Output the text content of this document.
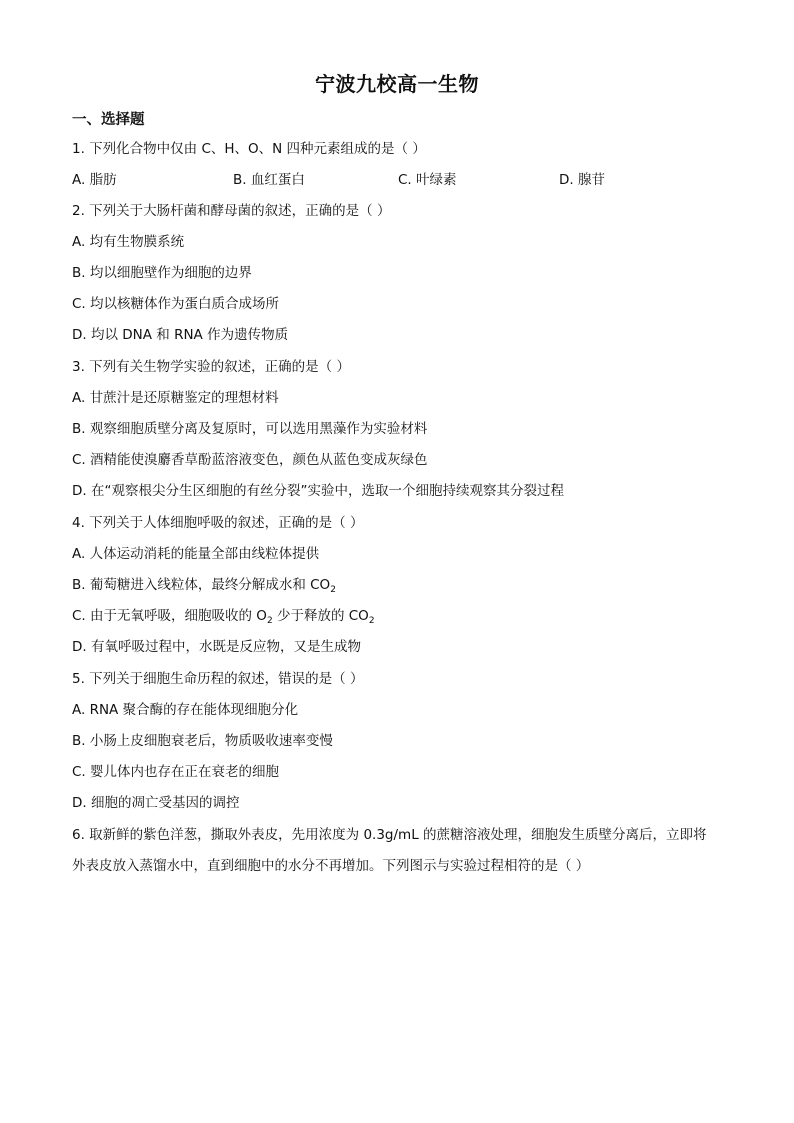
宁波九校高一生物
一、选择题
1. 下列化合物中仅由 C、H、O、N 四种元素组成的是（ ）
A. 脂肪	B. 血红蛋白	C. 叶绿素	D. 腺苷
2. 下列关于大肠杆菌和酵母菌的叙述，正确的是（ ）
A. 均有生物膜系统
B. 均以细胞壁作为细胞的边界
C. 均以核糖体作为蛋白质合成场所
D. 均以 DNA 和 RNA 作为遗传物质
3. 下列有关生物学实验的叙述，正确的是（ ）
A. 甘蔗汁是还原糖鉴定的理想材料
B. 观察细胞质壁分离及复原时，可以选用黑藻作为实验材料
C. 酒精能使溴麝香草酚蓝溶液变色，颜色从蓝色变成灰绿色
D. 在“观察根尖分生区细胞的有丝分裂”实验中，选取一个细胞持续观察其分裂过程
4. 下列关于人体细胞呼吸的叙述，正确的是（ ）
A. 人体运动消耗的能量全部由线粒体提供
B. 葡萄糖进入线粒体，最终分解成水和 $CO_2$
C. 由于无氧呼吸，细胞吸收的 $O_2$ 少于释放的 $CO_2$
D. 有氧呼吸过程中，水既是反应物，又是生成物
5. 下列关于细胞生命历程的叙述，错误的是（ ）
A. RNA 聚合酶的存在能体现细胞分化
B. 小肠上皮细胞衰老后，物质吸收速率变慢
C. 婴儿体内也存在正在衰老的细胞
D. 细胞的凋亡受基因的调控
6. 取新鲜的紫色洋葱，撕取外表皮，先用浓度为 0.3g/mL 的蔗糖溶液处理，细胞发生质壁分离后，立即将
外表皮放入蒸馏水中，直到细胞中的水分不再增加。下列图示与实验过程相符的是（ ）
